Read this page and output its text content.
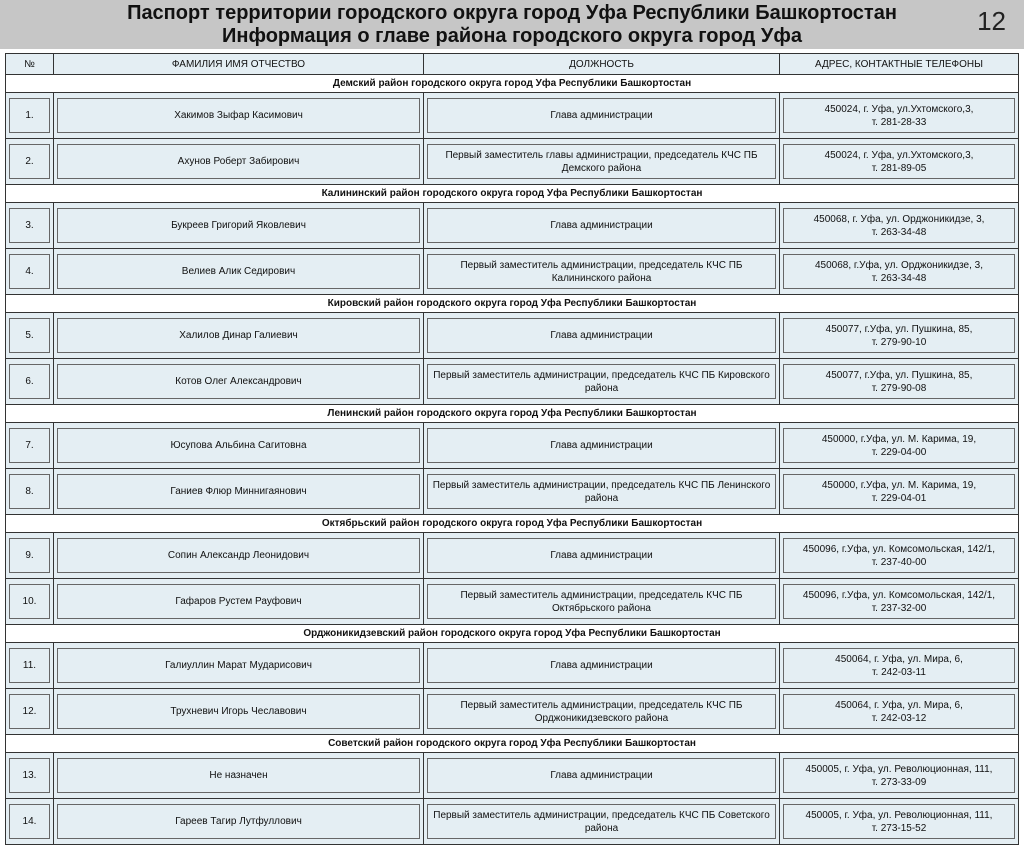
Паспорт территории городского округа город Уфа Республики Башкортостан
Информация о главе района городского округа город Уфа	12
№	ФАМИЛИЯ ИМЯ ОТЧЕСТВО	ДОЛЖНОСТЬ	АДРЕС, КОНТАКТНЫЕ ТЕЛЕФОНЫ
Демский район городского округа город Уфа Республики Башкортостан			

1.	Хакимов Зыфар Касимович	Глава администрации	450024, г. Уфа, ул.Ухтомского,3,
т. 281-28-33

2.	Ахунов Роберт Забирович	Первый заместитель главы администрации, председатель КЧС ПБ Демского района	450024, г. Уфа, ул.Ухтомского,3,
т. 281-89-05

Калининский район городского округа город Уфа Республики Башкортостан			

3.	Букреев Григорий Яковлевич	Глава администрации	450068, г. Уфа, ул. Орджоникидзе, 3,
т. 263-34-48

4.	Велиев Алик Седирович	Первый заместитель администрации, председатель КЧС ПБ Калининского района	450068, г.Уфа, ул. Орджоникидзе, 3,
т. 263-34-48

Кировский район городского округа город Уфа Республики Башкортостан			

5.	Халилов Динар Галиевич	Глава администрации	450077, г.Уфа, ул. Пушкина, 85,
т. 279-90-10

6.	Котов Олег Александрович	Первый заместитель администрации, председатель КЧС ПБ Кировского района	450077, г.Уфа, ул. Пушкина, 85,
т. 279-90-08

Ленинский район городского округа город Уфа Республики Башкортостан			

7.	Юсупова Альбина Сагитовна	Глава администрации	450000, г.Уфа, ул. М. Карима, 19,
т. 229-04-00

8.	Ганиев Флюр Миннигаянович	Первый заместитель администрации, председатель КЧС ПБ Ленинского района	450000, г.Уфа, ул. М. Карима, 19,
т. 229-04-01

Октябрьский район городского округа город Уфа Республики Башкортостан			

9.	Сопин Александр Леонидович	Глава администрации	450096, г.Уфа, ул. Комсомольская, 142/1,
т. 237-40-00

10.	Гафаров Рустем Рауфович	Первый заместитель администрации, председатель КЧС ПБ Октябрьского района	450096, г.Уфа, ул. Комсомольская, 142/1,
т. 237-32-00

Орджоникидзевский район городского округа город Уфа Республики Башкортостан			

11.	Галиуллин Марат Мударисович	Глава администрации	450064, г. Уфа, ул. Мира, 6,
т. 242-03-11

12.	Трухневич Игорь Чеславович	Первый заместитель администрации, председатель КЧС ПБ Орджоникидзевского района	450064, г. Уфа, ул. Мира, 6,
т. 242-03-12

Советский район городского округа город Уфа Республики Башкортостан			

13.	Не назначен	Глава администрации	450005, г. Уфа, ул. Революционная, 111,
т. 273-33-09

14.	Гареев Тагир Лутфуллович	Первый заместитель администрации, председатель КЧС ПБ Советского района	450005, г. Уфа, ул. Революционная, 111,
т. 273-15-52
